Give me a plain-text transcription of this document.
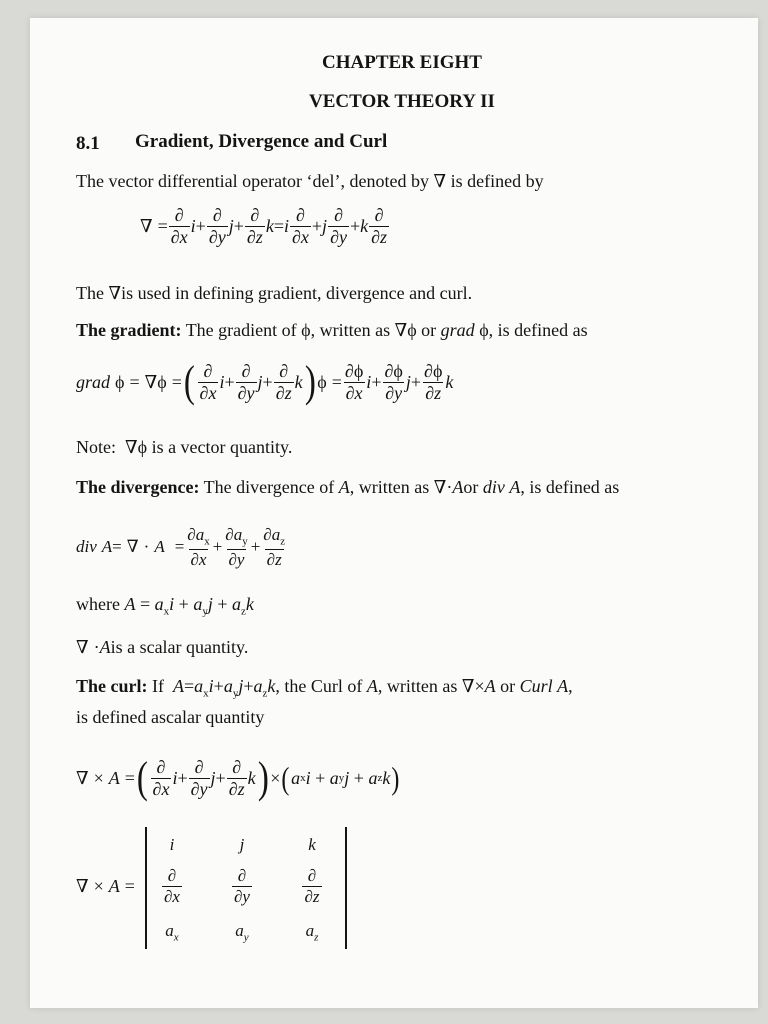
CHAPTER EIGHT
VECTOR THEORY II
8.1 Gradient, Divergence and Curl
The vector differential operator ‘del’, denoted by ∇ is defined by
∇ = $\frac{\partial}{\partial x}$ $i + \frac{\partial}{\partial y}$ $j + \frac{\partial}{\partial z}$ k = i $\frac{\partial}{\partial x} + j \frac{\partial}{\partial y} + k \frac{\partial}{\partial z}$
The ∇is used in defining gradient, divergence and curl.
The gradient: The gradient of ϕ, written as ∇ϕ or grad ϕ, is defined as
grad ϕ = ∇ ϕ = ( $\frac{\partial}{\partial x}$ $i + \frac{\partial}{\partial y}$ $j + \frac{\partial}{\partial z}$ k ) $\phi = \frac{\partial\phi}{\partial x}$ $i + \frac{\partial\phi}{\partial y}$ $j + \frac{\partial\phi}{\partial z}$ k
Note: ∇ϕ is a vector quantity.
The divergence: The divergence of A, written as ∇·Aor div A, is defined as
div A = ∇ · $A = \frac{\partial a_x}{\partial x} + \frac{\partial a_y}{\partial y} + \frac{\partial a_z}{\partial z}$
where $A = a_xi + a_yj + a_zk$
∇ ·Ais a scalar quantity.
The curl: If $A=a_xi+a_yj+a_zk$, the Curl of A, written as ∇×A or Curl A,
is defined ascalar quantity
∇ × A = ( $\frac{\partial}{\partial x}$ $i + \frac{\partial}{\partial y}$ $j + \frac{\partial}{\partial z}$ k ) × ( a x i + a y j + a z k )
∇ × A =
i	j	k
$\frac{\partial}{\partial x}$	$\frac{\partial}{\partial y}$	$\frac{\partial}{\partial z}$
$a_x$	$a_y$	$a_z$
